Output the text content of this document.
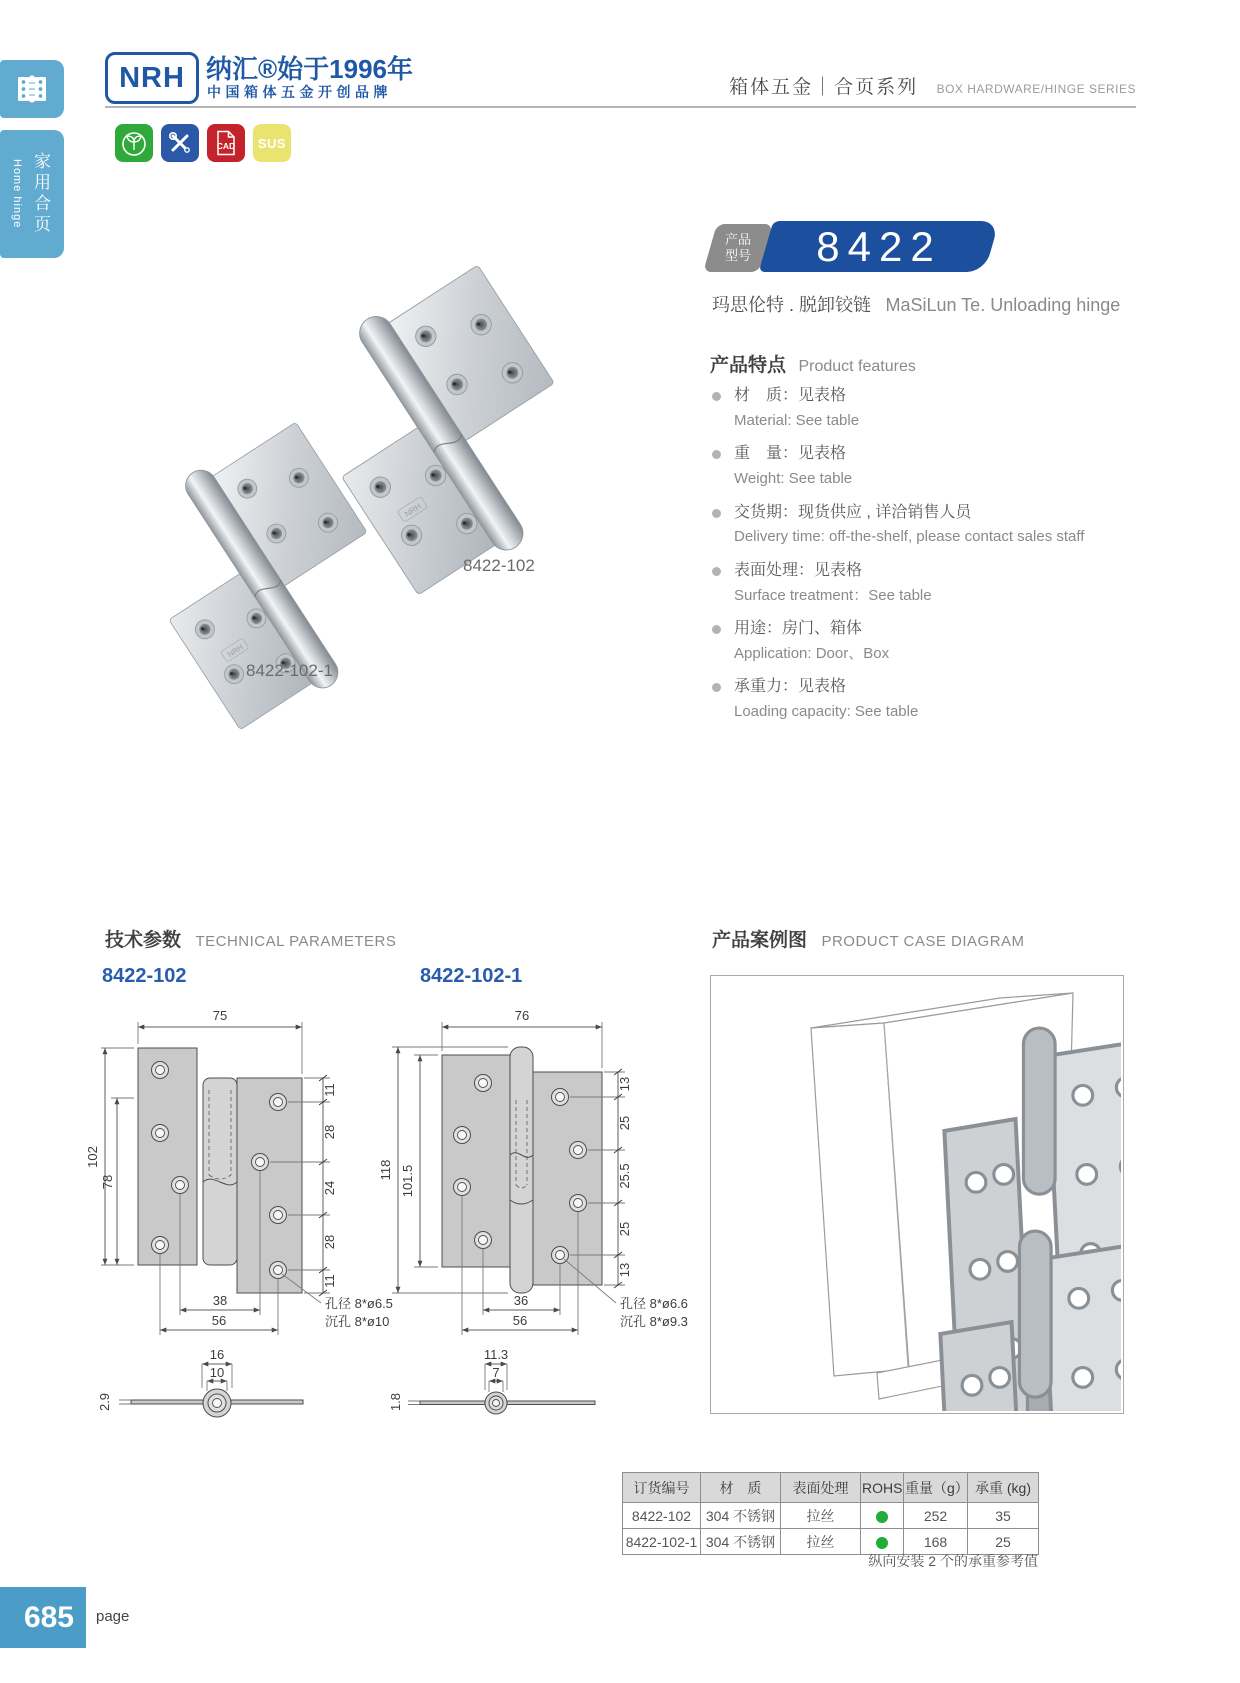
NRH 纳汇®始于1996年
中国箱体五金开创品牌	箱体五金｜合页系列 BOX HARDWARE/HINGE SERIES
CAD SUS
Home hinge 家用合页
产品
型号	8422
玛思伦特 . 脱卸铰链 MaSiLun Te. Unloading hinge
产品特点 Product features
材　质：见表格
Material: See table
重　量：见表格
Weight: See table
交货期：现货供应 , 详洽销售人员
Delivery time: off-the-shelf, please contact sales staff
表面处理：见表格
Surface treatment：See table
用途：房门、箱体
Application: Door、Box
承重力：见表格
Loading capacity: See table
8422-102
8422-102-1
技术参数 TECHNICAL PARAMETERS
8422-102
75
102
78
11
28
24
28
11
38
56
孔径 8*ø6.5
沉孔 8*ø10
16
10
2.9
8422-102-1
76
118 101.5
13
25
25.5
25
13
36
56
孔径 8*ø6.6
沉孔 8*ø9.3
11.3
7
1.8
产品案例图 PRODUCT CASE DIAGRAM
订货编号	材　质	表面处理	ROHS	重量（g）	承重 (kg)
8422-102	304 不锈钢	拉丝		252	35
8422-102-1	304 不锈钢	拉丝		168	25
纵向安装 2 个的承重参考值
685	page
